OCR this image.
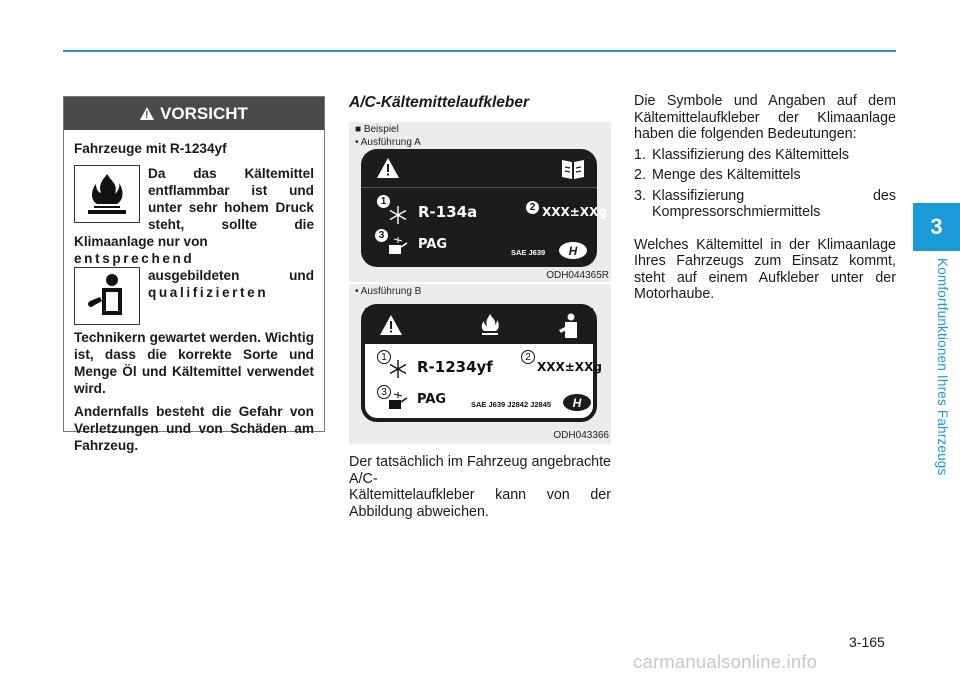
3
Komfortfunktionen Ihres Fahrzeugs
! VORSICHT

Fahrzeuge mit R-1234yf

Da das Kältemittel entflammbar ist und unter sehr hohem Druck steht, sollte die Klimaanlage nur von

entsprechend

ausgebildeten und

qualifizierten

Technikern gewartet werden. Wichtig ist, dass die korrekte Sorte und Menge Öl und Kältemittel verwendet wird.

Andernfalls besteht die Gefahr von Verletzungen und von Schäden am Fahrzeug.

A/C-Kältemittelaufkleber
■ Beispiel
• Ausführung A
1
R-134a	2 XXX±XXg
3
PAG
SAE J639 H
ODH044365R
• Ausführung B
1
R-1234yf
2
XXX±XXg
3	PAG	SAE J639 J2842 J2845 H
ODH043366
Der tatsächlich im Fahrzeug angebrachte A/C-
Kältemittelaufkleber kann von der Abbildung abweichen.

Die Symbole und Angaben auf dem Kältemittelaufkleber der Klimaanlage haben die folgenden Bedeutungen:

1. Klassifizierung des Kältemittels
2. Menge des Kältemittels
3. Klassifizierung des Kompressorschmiermittels

Welches Kältemittel in der Klimaanlage Ihres Fahrzeugs zum Einsatz kommt, steht auf einem Aufkleber unter der Motorhaube.

3-165
carmanualsonline.info
